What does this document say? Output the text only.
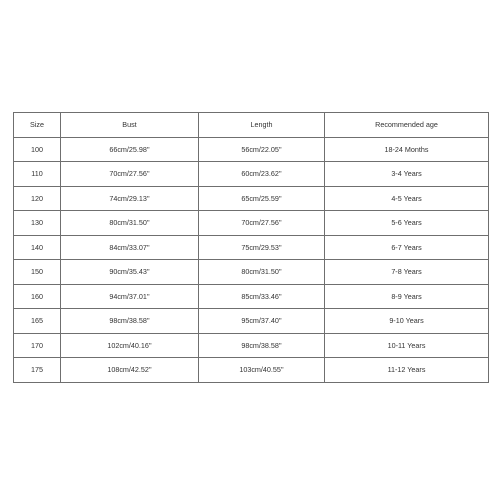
Size	Bust	Length	Recommended age
100	66cm/25.98''	56cm/22.05''	18-24 Months
110	70cm/27.56''	60cm/23.62''	3-4 Years
120	74cm/29.13''	65cm/25.59''	4-5 Years
130	80cm/31.50''	70cm/27.56''	5-6 Years
140	84cm/33.07''	75cm/29.53''	6-7 Years
150	90cm/35.43''	80cm/31.50''	7-8 Years
160	94cm/37.01''	85cm/33.46''	8-9 Years
165	98cm/38.58''	95cm/37.40''	9-10 Years
170	102cm/40.16''	98cm/38.58''	10-11 Years
175	108cm/42.52''	103cm/40.55''	11-12 Years
